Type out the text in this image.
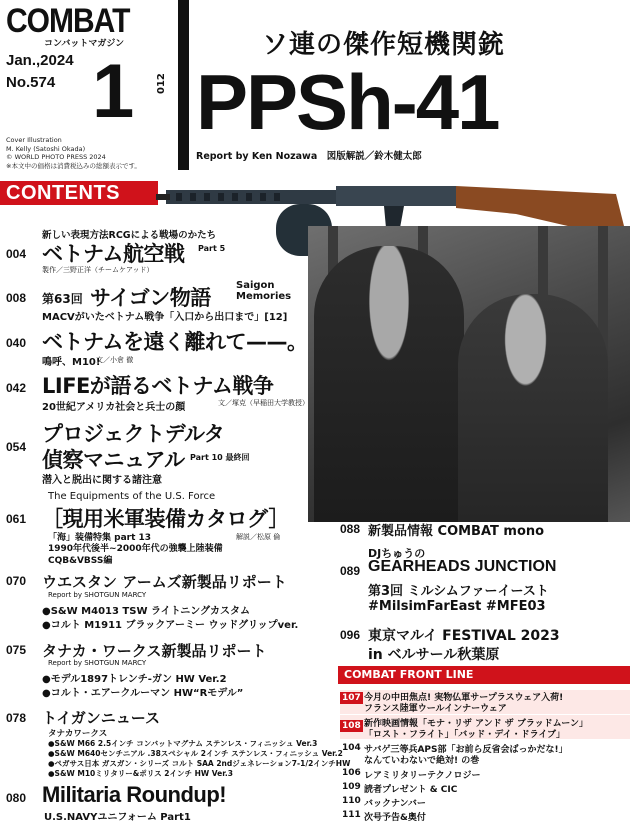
COMBAT
コンバットマガジン
Jan.,2024
No.574 1
Cover Illustration
M. Kelly (Satoshi Okada)
© WORLD PHOTO PRESS 2024
※本文中の価格は消費税込みの総額表示です。
CONTENTS
012
ソ連の傑作短機関銃
PPSh-41
Report by Ken Nozawa　図版解説／鈴木健太郎
新しい表現方法RCGによる戦場のかたち
004 ベトナム航空戦 Part 5
製作／三野正洋（チームケアッド）
008 第63回 サイゴン物語
Saigon
Memories
MACVがいたベトナム戦争「入口から出口まで」[12]
040 ベトナムを遠く離れて——。
鳴呼、M10!
文／小倉 徹
042 LIFEが語るベトナム戦争
20世紀アメリカ社会と兵士の顔	文／塚克（早稲田大学教授）
054
プロジェクトデルタ
偵察マニュアル Part 10 最終回
潜入と脱出に関する諸注意
The Equipments of the U.S. Force
061 ［現用米軍装備カタログ］
解説／松原 倫
「海」装備特集 part 13
1990年代後半~2000年代の強襲上陸装備
CQB&VBSS編
070 ウエスタン アームズ新製品リポート
Report by SHOTGUN MARCY
●S&W M4013 TSW ライトニングカスタム
●コルト M1911 ブラックアーミー ウッドグリップver.
075 タナカ・ワークス新製品リポート
Report by SHOTGUN MARCY
●モデル1897トレンチ-ガン HW Ver.2
●コルト・エアークルーマン HW“Rモデル”
078 トイガンニュース
タナカワークス
●S&W M66 2.5インチ コンバットマグナム ステンレス・フィニッシュ Ver.3
●S&W M640センチニアル .38スペシャル 2インチ ステンレス・フィニッシュ Ver.2
●ペガサス日本 ガスガン・シリーズ コルト SAA 2ndジェネレーション7-1/2インチHW
●S&W M10ミリタリー&ポリス 2インチ HW Ver.3
080 Militaria Roundup!
U.S.NAVYユニフォーム Part1
088 新製品情報 COMBAT mono
DJちゅうの
089 GEARHEADS JUNCTION
第3回 ミルシムファーイースト
#MilsimFarEast #MFE03
096 東京マルイ FESTIVAL 2023
in ベルサール秋葉原
COMBAT FRONT LINE
107 今月の中田焦点! 実物仏軍サープラスウェア入荷!
フランス陸軍ウールインナーウェア
108 新作映画情報「モナ・リザ アンド ザ ブラッドムーン」
「ロスト・フライト」「バッド・デイ・ドライブ」
104 サバゲ三等兵APS部「お前ら反省会ばっかだな!」
なんていわないで絶対! の巻
106 レアミリタリーテクノロジー
109 読者プレゼント & CIC
110 バックナンバー
111 次号予告&奥付
